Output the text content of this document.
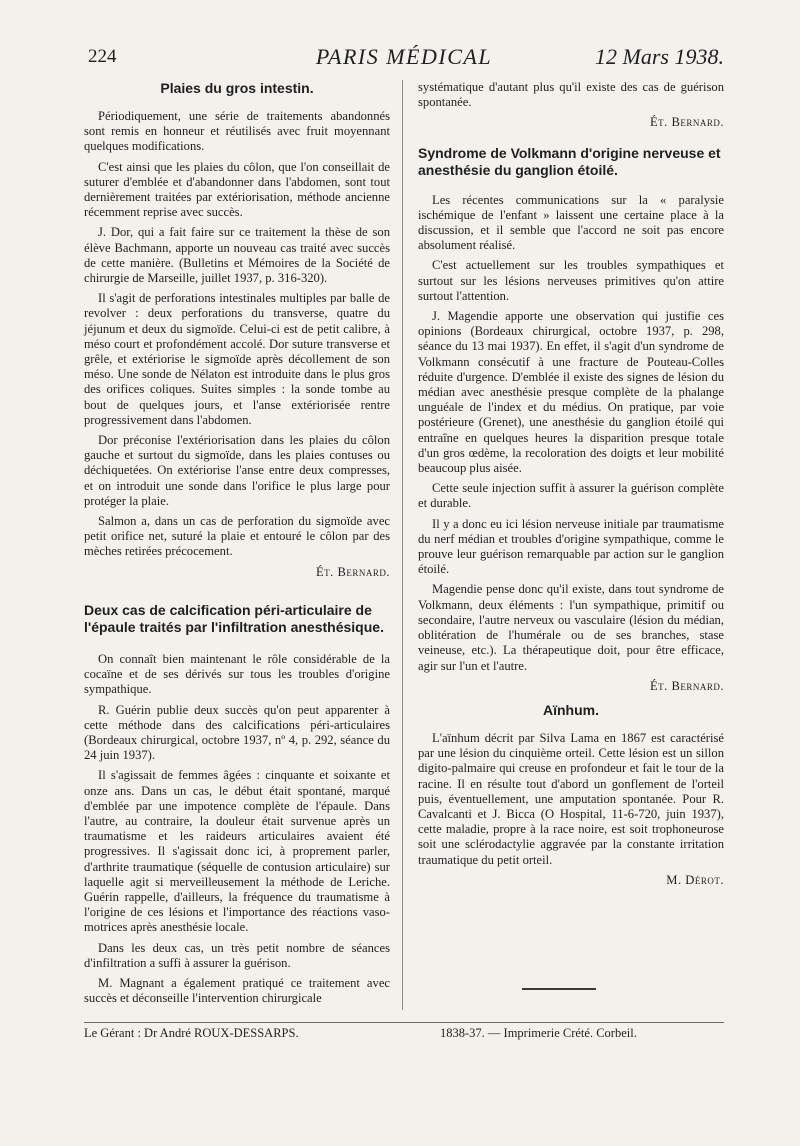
224	PARIS MÉDICAL	12 Mars 1938.
Plaies du gros intestin.

Périodiquement, une série de traitements abandonnés sont remis en honneur et réutilisés avec fruit moyennant quelques modifications.

C'est ainsi que les plaies du côlon, que l'on conseillait de suturer d'emblée et d'abandonner dans l'abdomen, sont tout dernièrement traitées par extériorisation, méthode ancienne récemment reprise avec succès.

J. Dor, qui a fait faire sur ce traitement la thèse de son élève Bachmann, apporte un nouveau cas traité avec succès de cette manière. (Bulletins et Mémoires de la Société de chirurgie de Marseille, juillet 1937, p. 316-320).

Il s'agit de perforations intestinales multiples par balle de revolver : deux perforations du transverse, quatre du jéjunum et deux du sigmoïde. Celui-ci est de petit calibre, à méso court et profondément accolé. Dor suture transverse et grêle, et extériorise le sigmoïde après décollement de son méso. Une sonde de Nélaton est introduite dans le plus gros des orifices coliques. Suites simples : la sonde tombe au bout de quelques jours, et l'anse extériorisée rentre progressivement dans l'abdomen.

Dor préconise l'extériorisation dans les plaies du côlon gauche et surtout du sigmoïde, dans les plaies contuses ou déchiquetées. On extériorise l'anse entre deux compresses, et on introduit une sonde dans l'orifice le plus large pour protéger la plaie.

Salmon a, dans un cas de perforation du sigmoïde avec petit orifice net, suturé la plaie et entouré le côlon par des mèches retirées précocement.

Ét. Bernard.

Deux cas de calcification péri-articulaire de l'épaule traités par l'infiltration anesthésique.

On connaît bien maintenant le rôle considérable de la cocaïne et de ses dérivés sur tous les troubles d'origine sympathique.

R. Guérin publie deux succès qu'on peut apparenter à cette méthode dans des calcifications péri-articulaires (Bordeaux chirurgical, octobre 1937, nº 4, p. 292, séance du 24 juin 1937).

Il s'agissait de femmes âgées : cinquante et soixante et onze ans. Dans un cas, le début était spontané, marqué d'emblée par une impotence complète de l'épaule. Dans l'autre, au contraire, la douleur était survenue après un traumatisme et les raideurs articulaires avaient été progressives. Il s'agissait donc ici, à proprement parler, d'arthrite traumatique (séquelle de contusion articulaire) sur laquelle agit si merveilleusement la méthode de Leriche. Guérin rappelle, d'ailleurs, la fréquence du traumatisme à l'origine de ces lésions et l'importance des réactions vaso-motrices après anesthésie locale.

Dans les deux cas, un très petit nombre de séances d'infiltration a suffi à assurer la guérison.

M. Magnant a également pratiqué ce traitement avec succès et déconseille l'intervention chirurgicale

systématique d'autant plus qu'il existe des cas de guérison spontanée.

Ét. Bernard.

Syndrome de Volkmann d'origine nerveuse et anesthésie du ganglion étoilé.

Les récentes communications sur la « paralysie ischémique de l'enfant » laissent une certaine place à la discussion, et il semble que l'accord ne soit pas encore absolument réalisé.

C'est actuellement sur les troubles sympathiques et surtout sur les lésions nerveuses primitives qu'on attire surtout l'attention.

J. Magendie apporte une observation qui justifie ces opinions (Bordeaux chirurgical, octobre 1937, p. 298, séance du 13 mai 1937). En effet, il s'agit d'un syndrome de Volkmann consécutif à une fracture de Pouteau-Colles réduite d'urgence. D'emblée il existe des signes de lésion du médian avec anesthésie presque complète de la phalange unguéale de l'index et du médius. On pratique, par voie postérieure (Grenet), une anesthésie du ganglion étoilé qui entraîne en quelques heures la disparition presque totale d'un gros œdème, la recoloration des doigts et leur mobilité beaucoup plus aisée.

Cette seule injection suffit à assurer la guérison complète et durable.

Il y a donc eu ici lésion nerveuse initiale par traumatisme du nerf médian et troubles d'origine sympathique, comme le prouve leur guérison remarquable par action sur le ganglion étoilé.

Magendie pense donc qu'il existe, dans tout syndrome de Volkmann, deux éléments : l'un sympathique, primitif ou secondaire, l'autre nerveux ou vasculaire (lésion du médian, oblitération de l'humérale ou de ses branches, stase veineuse, etc.). La thérapeutique doit, pour être efficace, agir sur l'un et l'autre.

Ét. Bernard.

Aïnhum.

L'aïnhum décrit par Silva Lama en 1867 est caractérisé par une lésion du cinquième orteil. Cette lésion est un sillon digito-palmaire qui creuse en profondeur et fait le tour de la racine. Il en résulte tout d'abord un gonflement de l'orteil puis, éventuellement, une amputation spontanée. Pour R. Cavalcanti et J. Bicca (O Hospital, 11-6-720, juin 1937), cette maladie, propre à la race noire, est soit trophoneurose soit une sclérodactylie aggravée par la constante irritation traumatique du petit orteil.

M. Dérot.

Le Gérant : Dr André ROUX-DESSARPS.	1838-37. — Imprimerie Crété. Corbeil.
